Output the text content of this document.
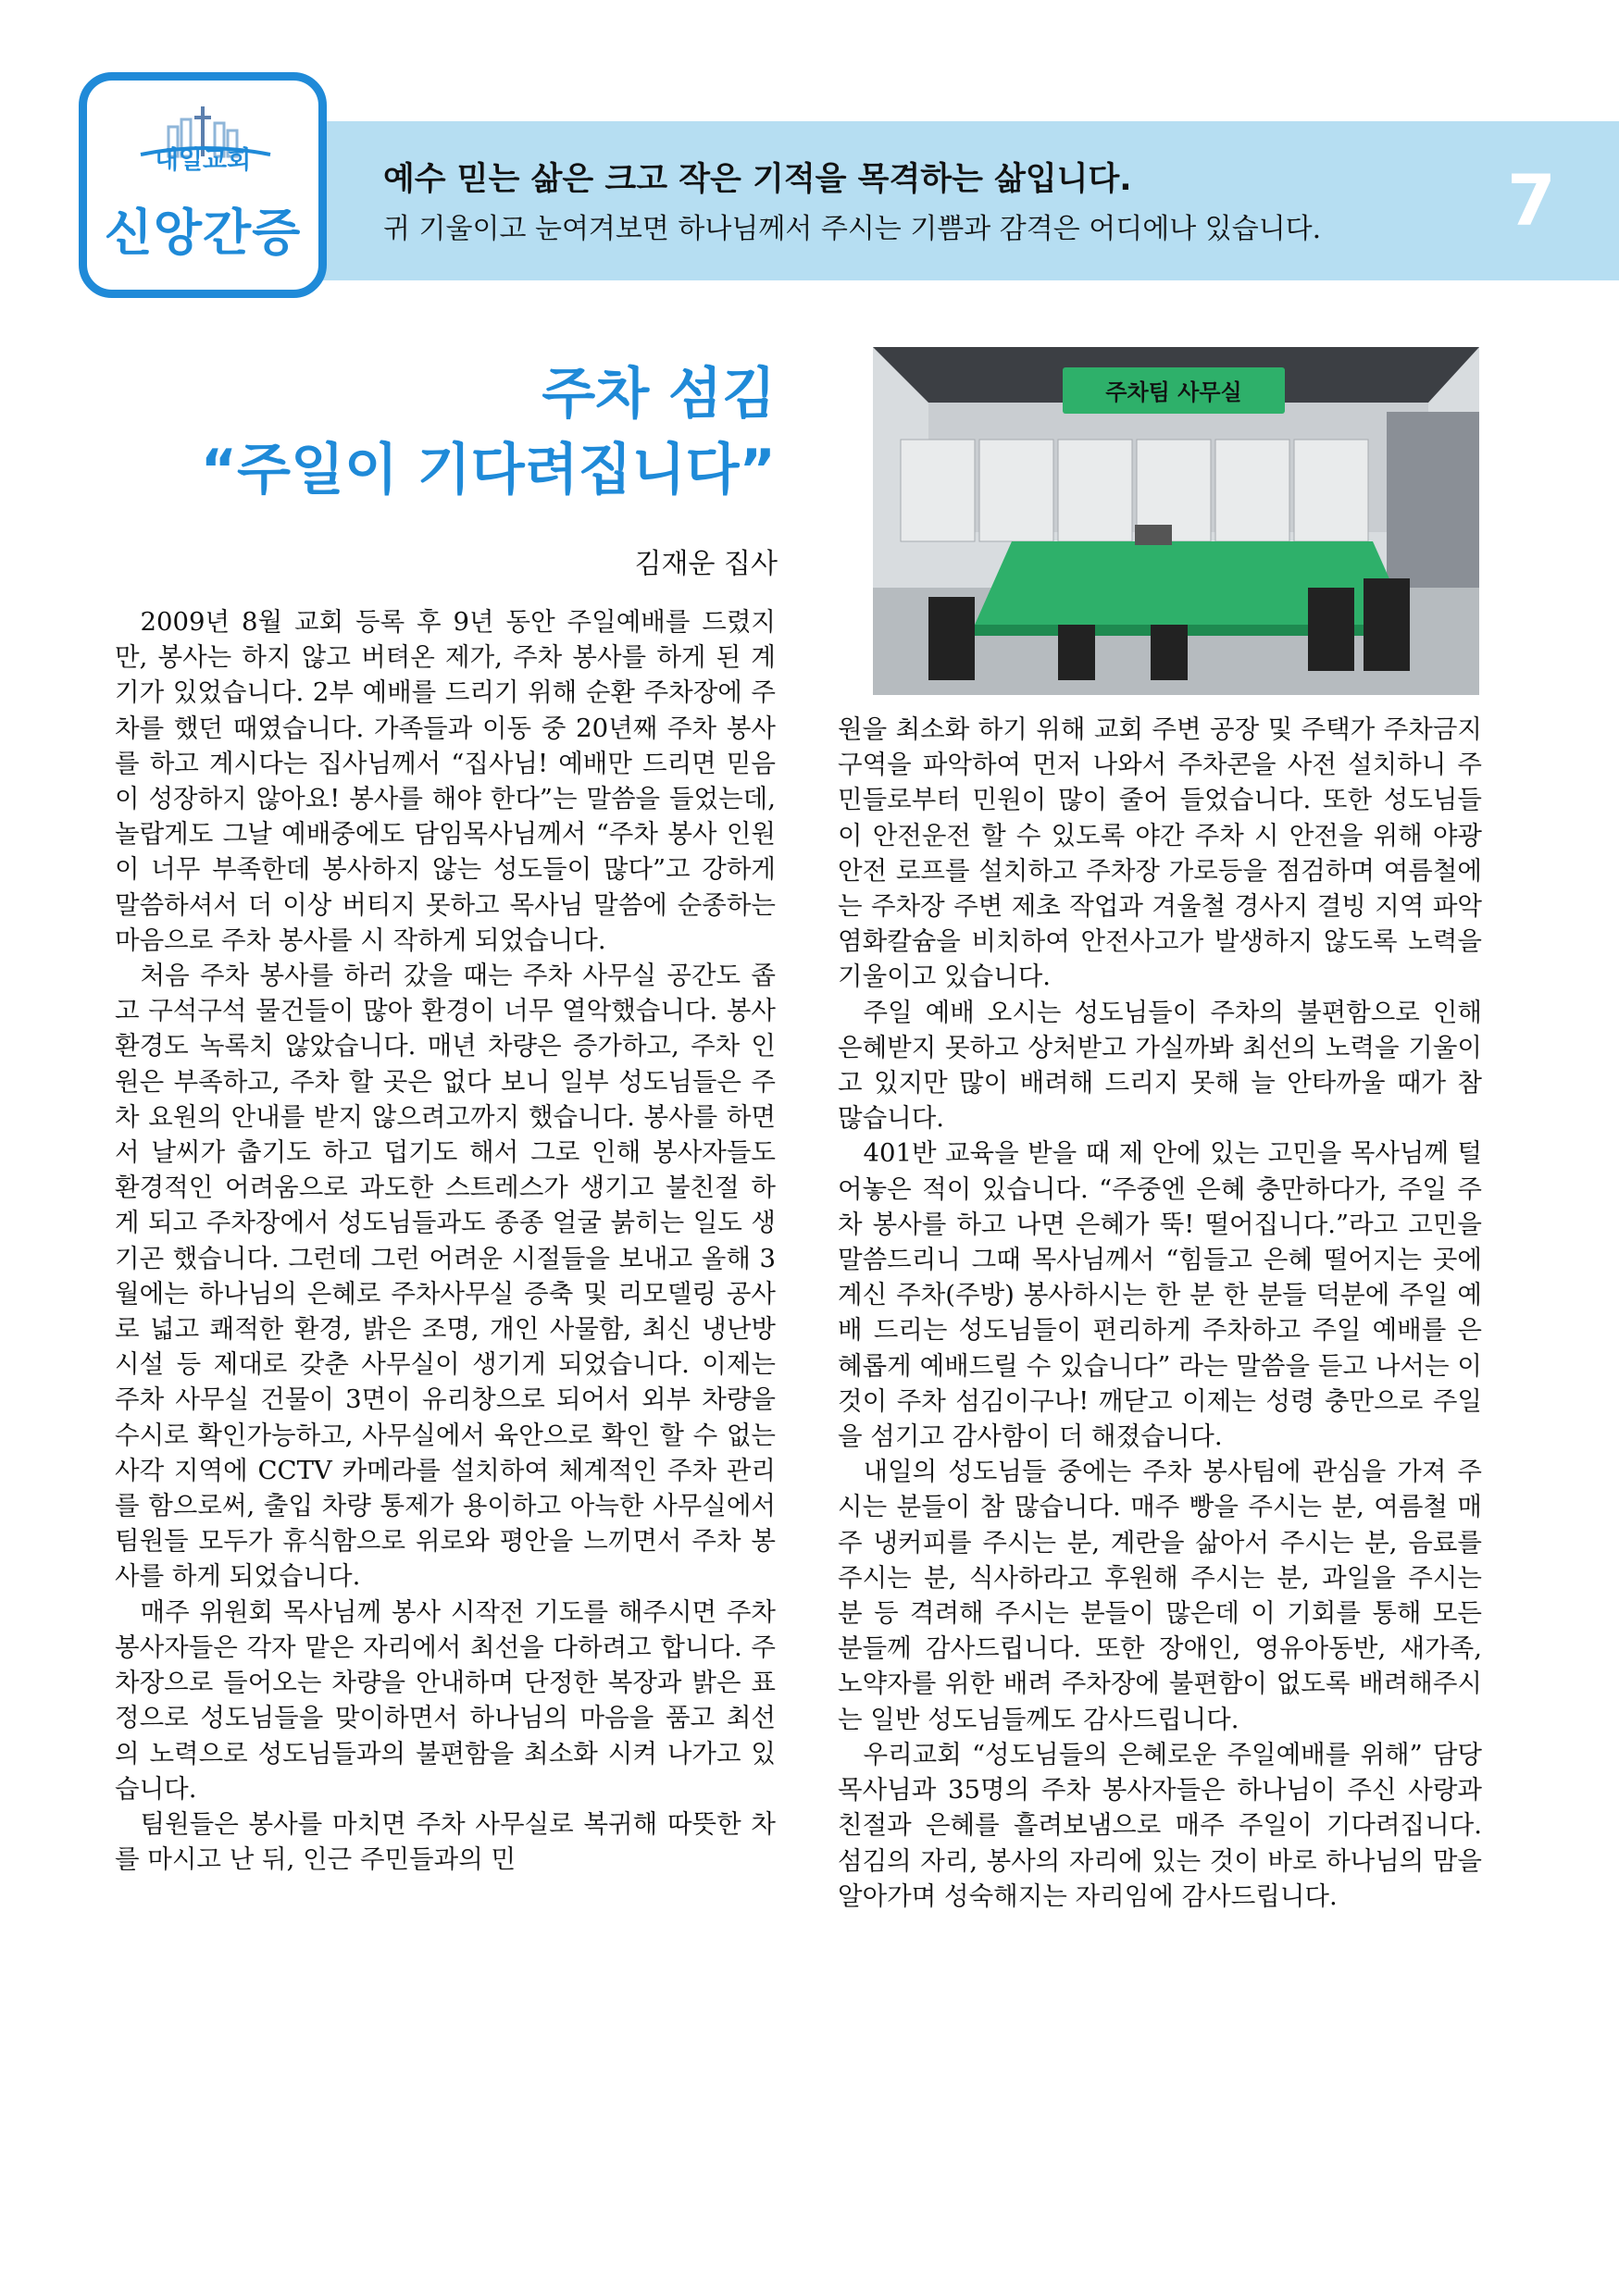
예수 믿는 삶은 크고 작은 기적을 목격하는 삶입니다.
귀 기울이고 눈여겨보면 하나님께서 주시는 기쁨과 감격은 어디에나 있습니다.	7
내일교회
신앙간증
주차 섬김
“주일이 기다려집니다”
김재운 집사
주차팀 사무실

2009년 8월 교회 등록 후 9년 동안 주일예배를 드렸지만, 봉사는 하지 않고 버텨온 제가, 주차 봉사를 하게 된 계기가 있었습니다. 2부 예배를 드리기 위해 순환 주차장에 주차를 했던 때였습니다. 가족들과 이동 중 20년째 주차 봉사를 하고 계시다는 집사님께서 “집사님! 예배만 드리면 믿음이 성장하지 않아요! 봉사를 해야 한다”는 말씀을 들었는데, 놀랍게도 그날 예배중에도 담임목사님께서 “주차 봉사 인원이 너무 부족한데 봉사하지 않는 성도들이 많다”고 강하게 말씀하셔서 더 이상 버티지 못하고 목사님 말씀에 순종하는 마음으로 주차 봉사를 시 작하게 되었습니다.

처음 주차 봉사를 하러 갔을 때는 주차 사무실 공간도 좁고 구석구석 물건들이 많아 환경이 너무 열악했습니다. 봉사 환경도 녹록치 않았습니다. 매년 차량은 증가하고, 주차 인원은 부족하고, 주차 할 곳은 없다 보니 일부 성도님들은 주차 요원의 안내를 받지 않으려고까지 했습니다. 봉사를 하면서 날씨가 춥기도 하고 덥기도 해서 그로 인해 봉사자들도 환경적인 어려움으로 과도한 스트레스가 생기고 불친절 하게 되고 주차장에서 성도님들과도 종종 얼굴 붉히는 일도 생기곤 했습니다. 그런데 그런 어려운 시절들을 보내고 올해 3월에는 하나님의 은혜로 주차사무실 증축 및 리모델링 공사로 넓고 쾌적한 환경, 밝은 조명, 개인 사물함, 최신 냉난방 시설 등 제대로 갖춘 사무실이 생기게 되었습니다. 이제는 주차 사무실 건물이 3면이 유리창으로 되어서 외부 차량을 수시로 확인가능하고, 사무실에서 육안으로 확인 할 수 없는 사각 지역에 CCTV 카메라를 설치하여 체계적인 주차 관리를 함으로써, 출입 차량 통제가 용이하고 아늑한 사무실에서 팀원들 모두가 휴식함으로 위로와 평안을 느끼면서 주차 봉사를 하게 되었습니다.

매주 위원회 목사님께 봉사 시작전 기도를 해주시면 주차 봉사자들은 각자 맡은 자리에서 최선을 다하려고 합니다. 주차장으로 들어오는 차량을 안내하며 단정한 복장과 밝은 표정으로 성도님들을 맞이하면서 하나님의 마음을 품고 최선의 노력으로 성도님들과의 불편함을 최소화 시켜 나가고 있습니다.

팀원들은 봉사를 마치면 주차 사무실로 복귀해 따뜻한 차를 마시고 난 뒤, 인근 주민들과의 민

원을 최소화 하기 위해 교회 주변 공장 및 주택가 주차금지 구역을 파악하여 먼저 나와서 주차콘을 사전 설치하니 주민들로부터 민원이 많이 줄어 들었습니다. 또한 성도님들이 안전운전 할 수 있도록 야간 주차 시 안전을 위해 야광 안전 로프를 설치하고 주차장 가로등을 점검하며 여름철에는 주차장 주변 제초 작업과 겨울철 경사지 결빙 지역 파악 염화칼슘을 비치하여 안전사고가 발생하지 않도록 노력을 기울이고 있습니다.

주일 예배 오시는 성도님들이 주차의 불편함으로 인해 은혜받지 못하고 상처받고 가실까봐 최선의 노력을 기울이고 있지만 많이 배려해 드리지 못해 늘 안타까울 때가 참 많습니다.

401반 교육을 받을 때 제 안에 있는 고민을 목사님께 털어놓은 적이 있습니다. “주중엔 은혜 충만하다가, 주일 주차 봉사를 하고 나면 은혜가 뚝! 떨어집니다.”라고 고민을 말씀드리니 그때 목사님께서 “힘들고 은혜 떨어지는 곳에 계신 주차(주방) 봉사하시는 한 분 한 분들 덕분에 주일 예배 드리는 성도님들이 편리하게 주차하고 주일 예배를 은혜롭게 예배드릴 수 있습니다” 라는 말씀을 듣고 나서는 이것이 주차 섬김이구나! 깨닫고 이제는 성령 충만으로 주일을 섬기고 감사함이 더 해졌습니다.

내일의 성도님들 중에는 주차 봉사팀에 관심을 가져 주시는 분들이 참 많습니다. 매주 빵을 주시는 분, 여름철 매주 냉커피를 주시는 분, 계란을 삶아서 주시는 분, 음료를 주시는 분, 식사하라고 후원해 주시는 분, 과일을 주시는 분 등 격려해 주시는 분들이 많은데 이 기회를 통해 모든 분들께 감사드립니다. 또한 장애인, 영유아동반, 새가족, 노약자를 위한 배려 주차장에 불편함이 없도록 배려해주시는 일반 성도님들께도 감사드립니다.

우리교회 “성도님들의 은혜로운 주일예배를 위해” 담당 목사님과 35명의 주차 봉사자들은 하나님이 주신 사랑과 친절과 은혜를 흘려보냄으로 매주 주일이 기다려집니다. 섬김의 자리, 봉사의 자리에 있는 것이 바로 하나님의 맘을 알아가며 성숙해지는 자리임에 감사드립니다.
